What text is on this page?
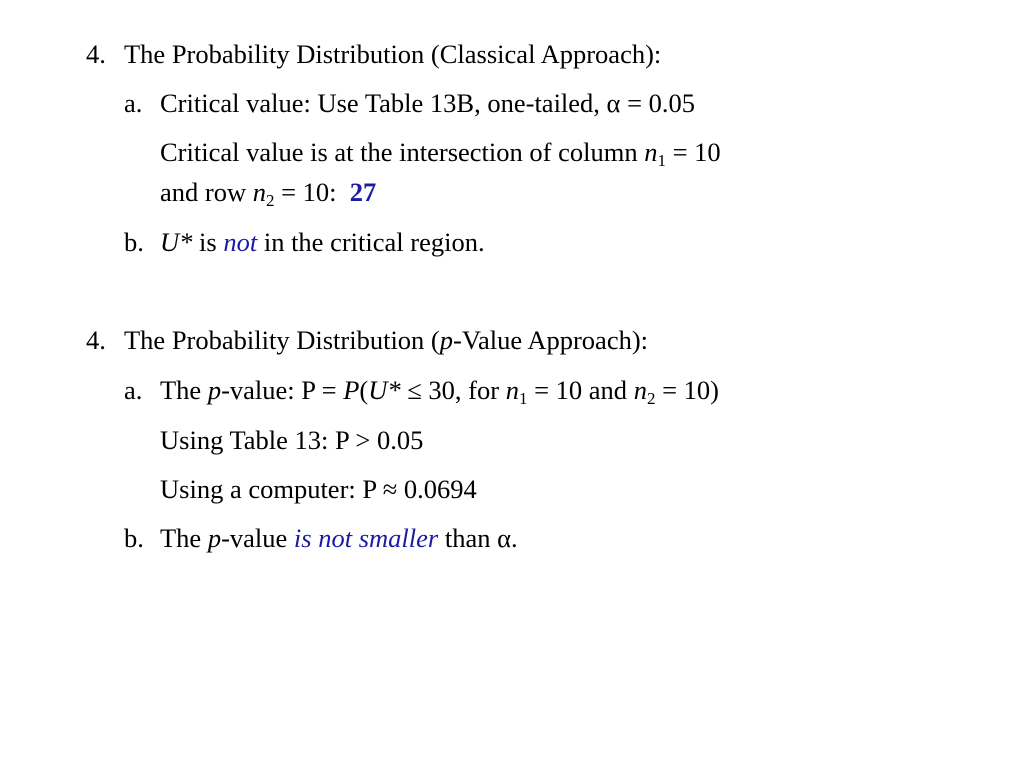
4. The Probability Distribution (Classical Approach):
a. Critical value: Use Table 13B, one-tailed, α = 0.05
Critical value is at the intersection of column $n_1 = 10$
and row $n_2 = 10$:  27
b. U* is not in the critical region.
4. The Probability Distribution (p-Value Approach):
a. The p-value: P = P(U* ≤ 30, for $n_1 = 10$ and $n_2 = 10$)
Using Table 13: P > 0.05
Using a computer: P ≈ 0.0694
b. The p-value is not smaller than α.
